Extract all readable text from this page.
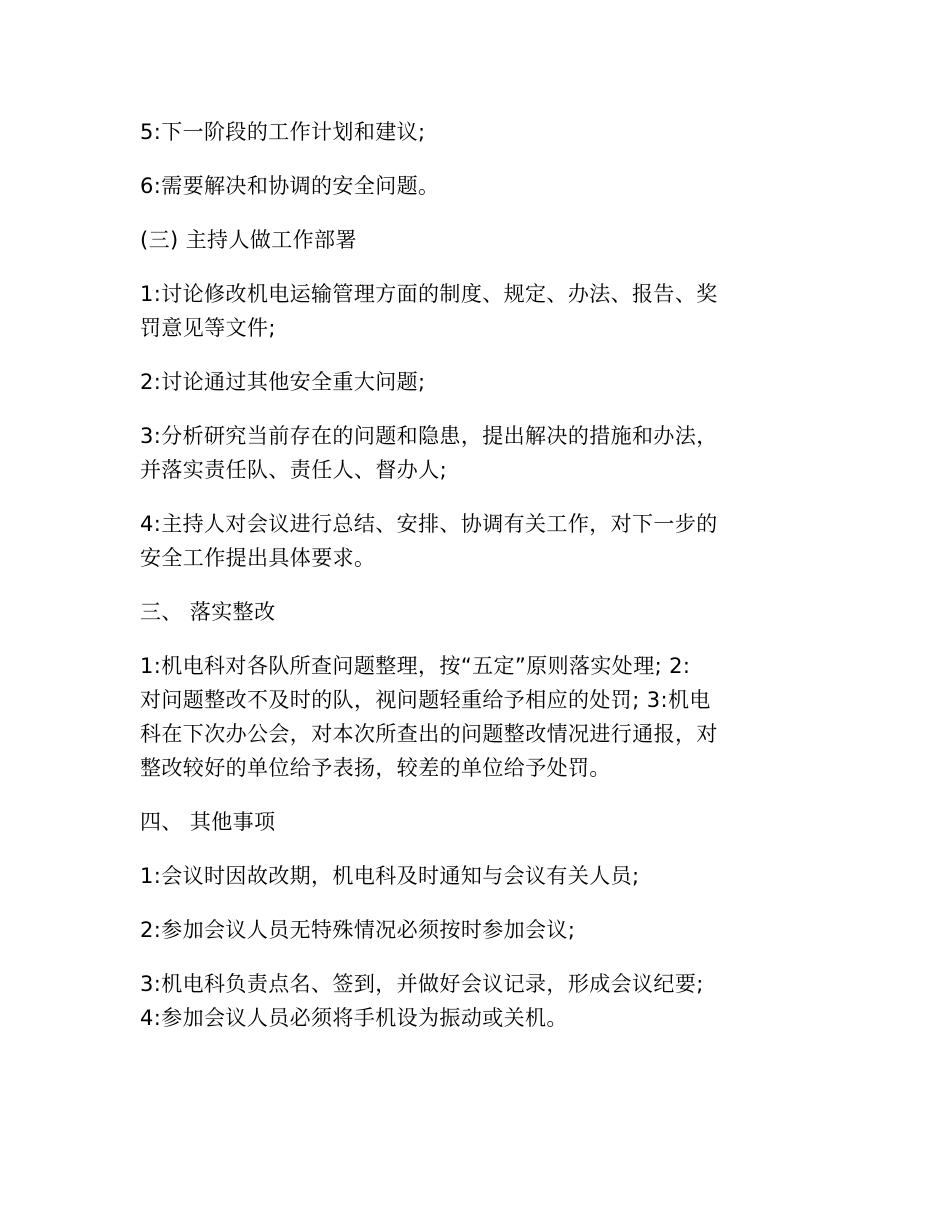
5:下一阶段的工作计划和建议;

6:需要解决和协调的安全问题。

(三) 主持人做工作部署

1:讨论修改机电运输管理方面的制度、规定、办法、报告、奖
罚意见等文件;

2:讨论通过其他安全重大问题;

3:分析研究当前存在的问题和隐患，提出解决的措施和办法，
并落实责任队、责任人、督办人;

4:主持人对会议进行总结、安排、协调有关工作，对下一步的
安全工作提出具体要求。

三、 落实整改

1:机电科对各队所查问题整理，按“五定”原则落实处理; 2:
对问题整改不及时的队，视问题轻重给予相应的处罚; 3:机电
科在下次办公会，对本次所查出的问题整改情况进行通报，对
整改较好的单位给予表扬，较差的单位给予处罚。

四、 其他事项

1:会议时因故改期，机电科及时通知与会议有关人员;

2:参加会议人员无特殊情况必须按时参加会议;

3:机电科负责点名、签到，并做好会议记录，形成会议纪要;
4:参加会议人员必须将手机设为振动或关机。
